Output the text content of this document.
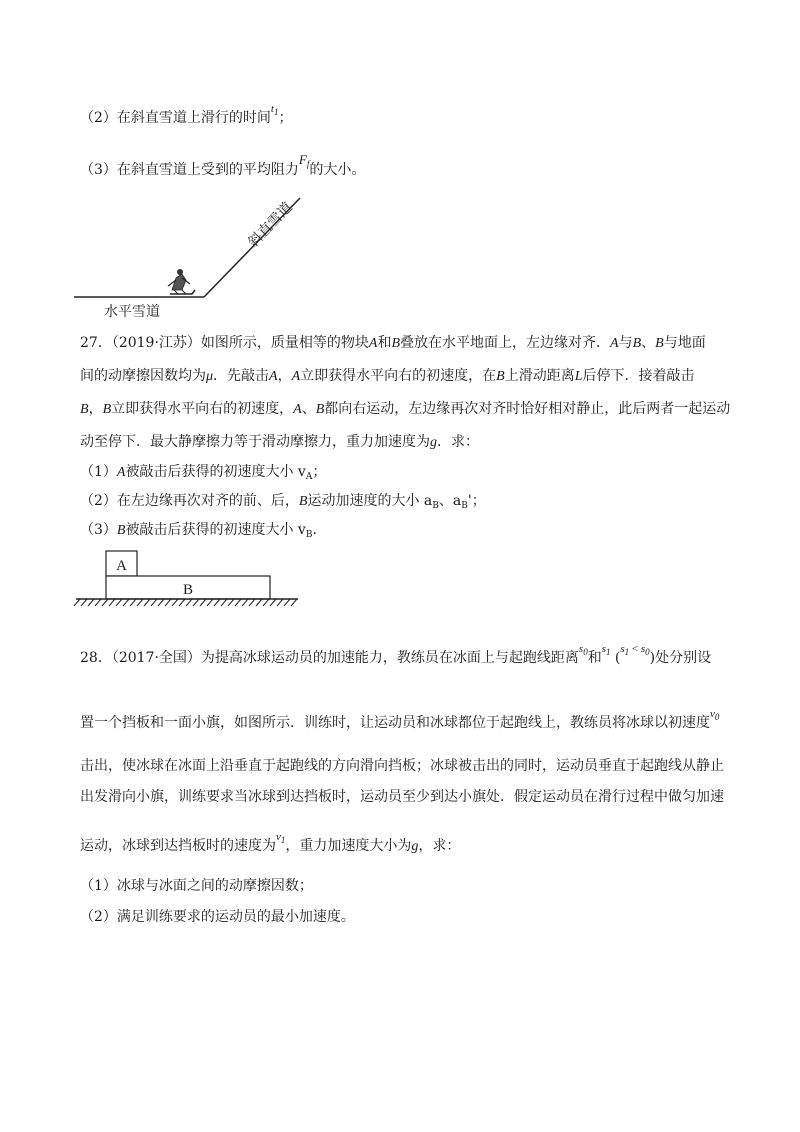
（2）在斜直雪道上滑行的时间$^{t_1}$；
（3）在斜直雪道上受到的平均阻力$F_f$的大小。
斜直雪道
水平雪道
27．（2019·江苏）如图所示，质量相等的物块A和B叠放在水平地面上，左边缘对齐．A与B、B与地面
间的动摩擦因数均为μ．先敲击A，A立即获得水平向右的初速度，在B上滑动距离L后停下．接着敲击
B，B立即获得水平向右的初速度，A、B都向右运动，左边缘再次对齐时恰好相对静止，此后两者一起运动
动至停下．最大静摩擦力等于滑动摩擦力，重力加速度为g．求：
（1）A被敲击后获得的初速度大小 $v_A$；
（2）在左边缘再次对齐的前、后，B运动加速度的大小 $a_B$、$a_B'$；
（3）B被敲击后获得的初速度大小 $v_B$.
A
B
28．（2017·全国）为提高冰球运动员的加速能力，教练员在冰面上与起跑线距离$^{s_0}$和$^{s_1}$ ($^{s_1 < s_0}$)处分别设
置一个挡板和一面小旗，如图所示．训练时，让运动员和冰球都位于起跑线上，教练员将冰球以初速度$^{v_0}$
击出，使冰球在冰面上沿垂直于起跑线的方向滑向挡板；冰球被击出的同时，运动员垂直于起跑线从静止
出发滑向小旗，训练要求当冰球到达挡板时，运动员至少到达小旗处．假定运动员在滑行过程中做匀加速
运动，冰球到达挡板时的速度为$^{v_1}$，重力加速度大小为g，求：
（1）冰球与冰面之间的动摩擦因数；
（2）满足训练要求的运动员的最小加速度。
